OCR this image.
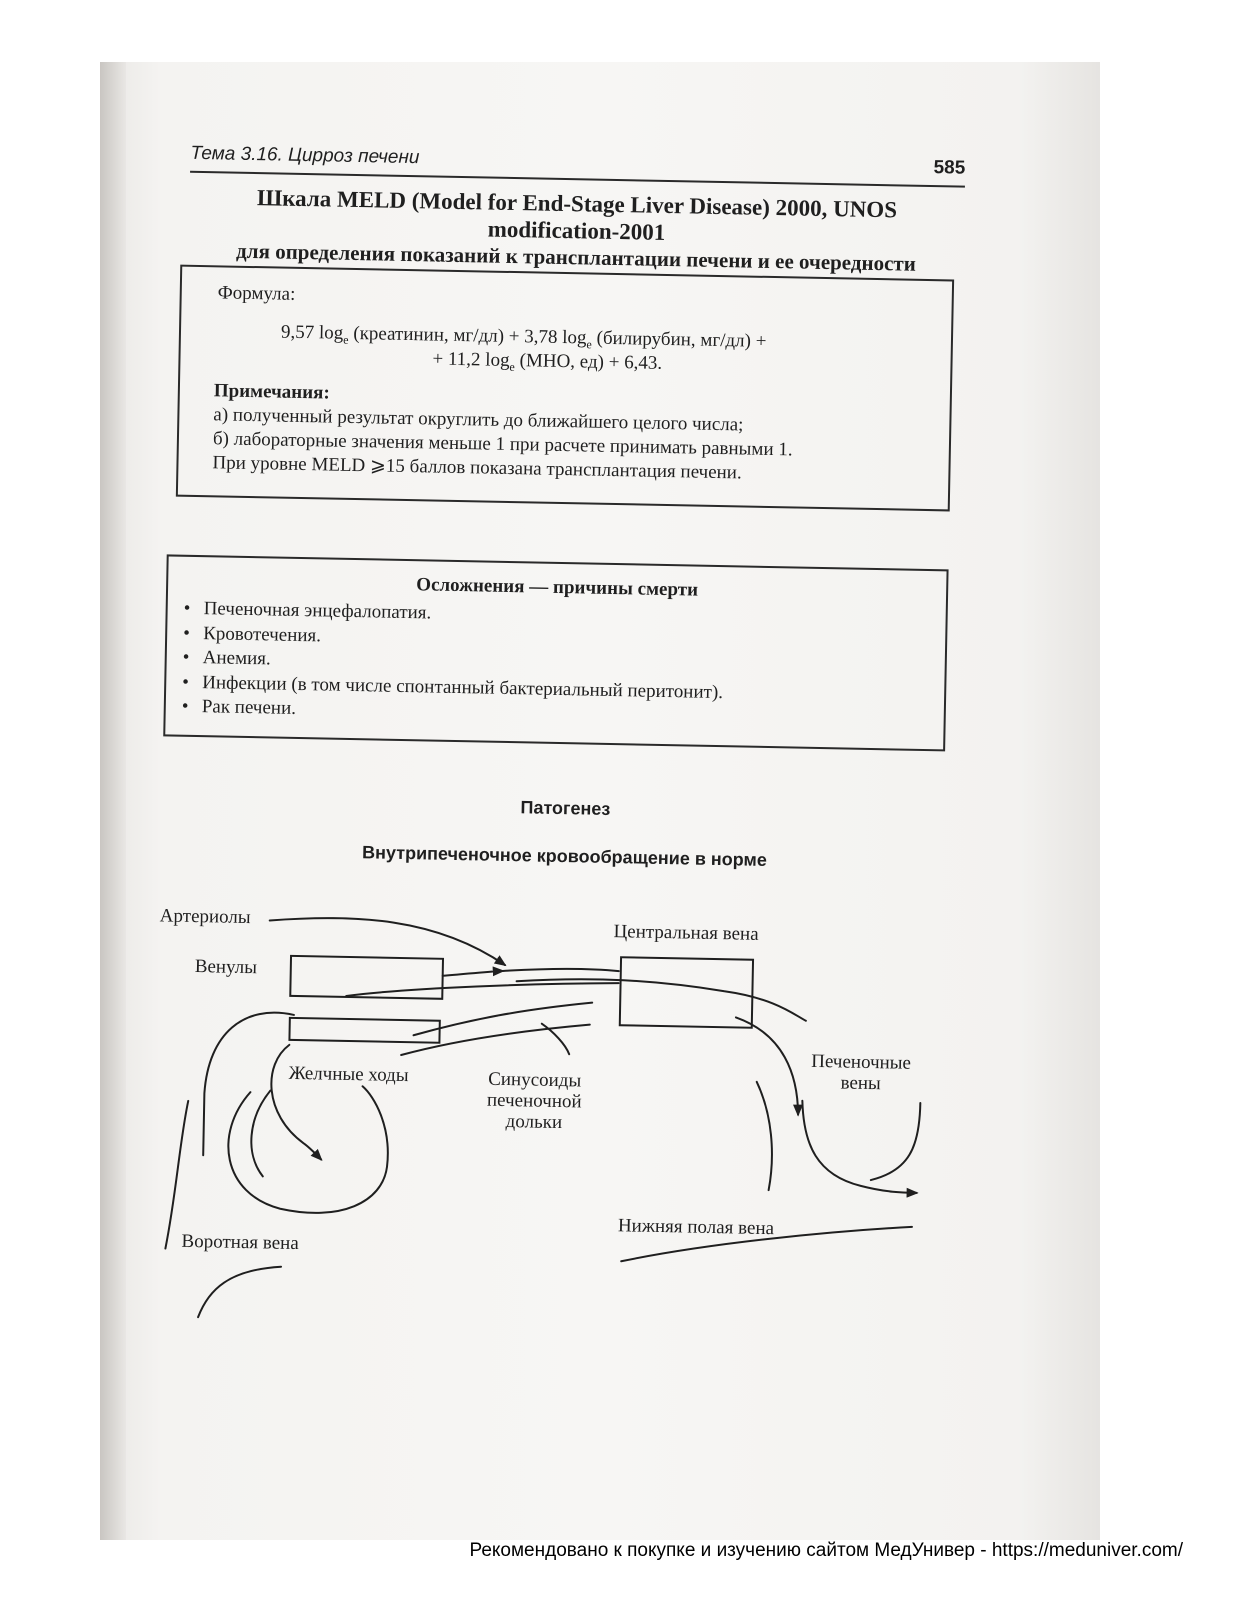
Тема 3.16. Цирроз печени	585
Шкала MELD (Model for End-Stage Liver Disease) 2000, UNOS modification-2001
для определения показаний к трансплантации печени и ее очередности
Формула:
9,57 $\log_e$ (креатинин, мг/дл) + 3,78 $\log_e$ (билирубин, мг/дл) +
+ 11,2 $\log_e (МНО$, ед) + 6,43.
Примечания:
а) полученный результат округлить до ближайшего целого числа;
б) лабораторные значения меньше 1 при расчете принимать равными 1.
При уровне MELD ⩾15 баллов показана трансплантация печени.
Осложнения — причины смерти
• Печеночная энцефалопатия.
• Кровотечения.
• Анемия.
• Инфекции (в том числе спонтанный бактериальный перитонит).
• Рак печени.
Патогенез
Внутрипеченочное кровообращение в норме
Артериолы
Венулы
Желчные ходы	Синусоиды
печеночной
дольки
Центральная вена
Печеночные
вены
Воротная вена
Нижняя полая вена
Рекомендовано к покупке и изучению сайтом МедУнивер - https://meduniver.com/
